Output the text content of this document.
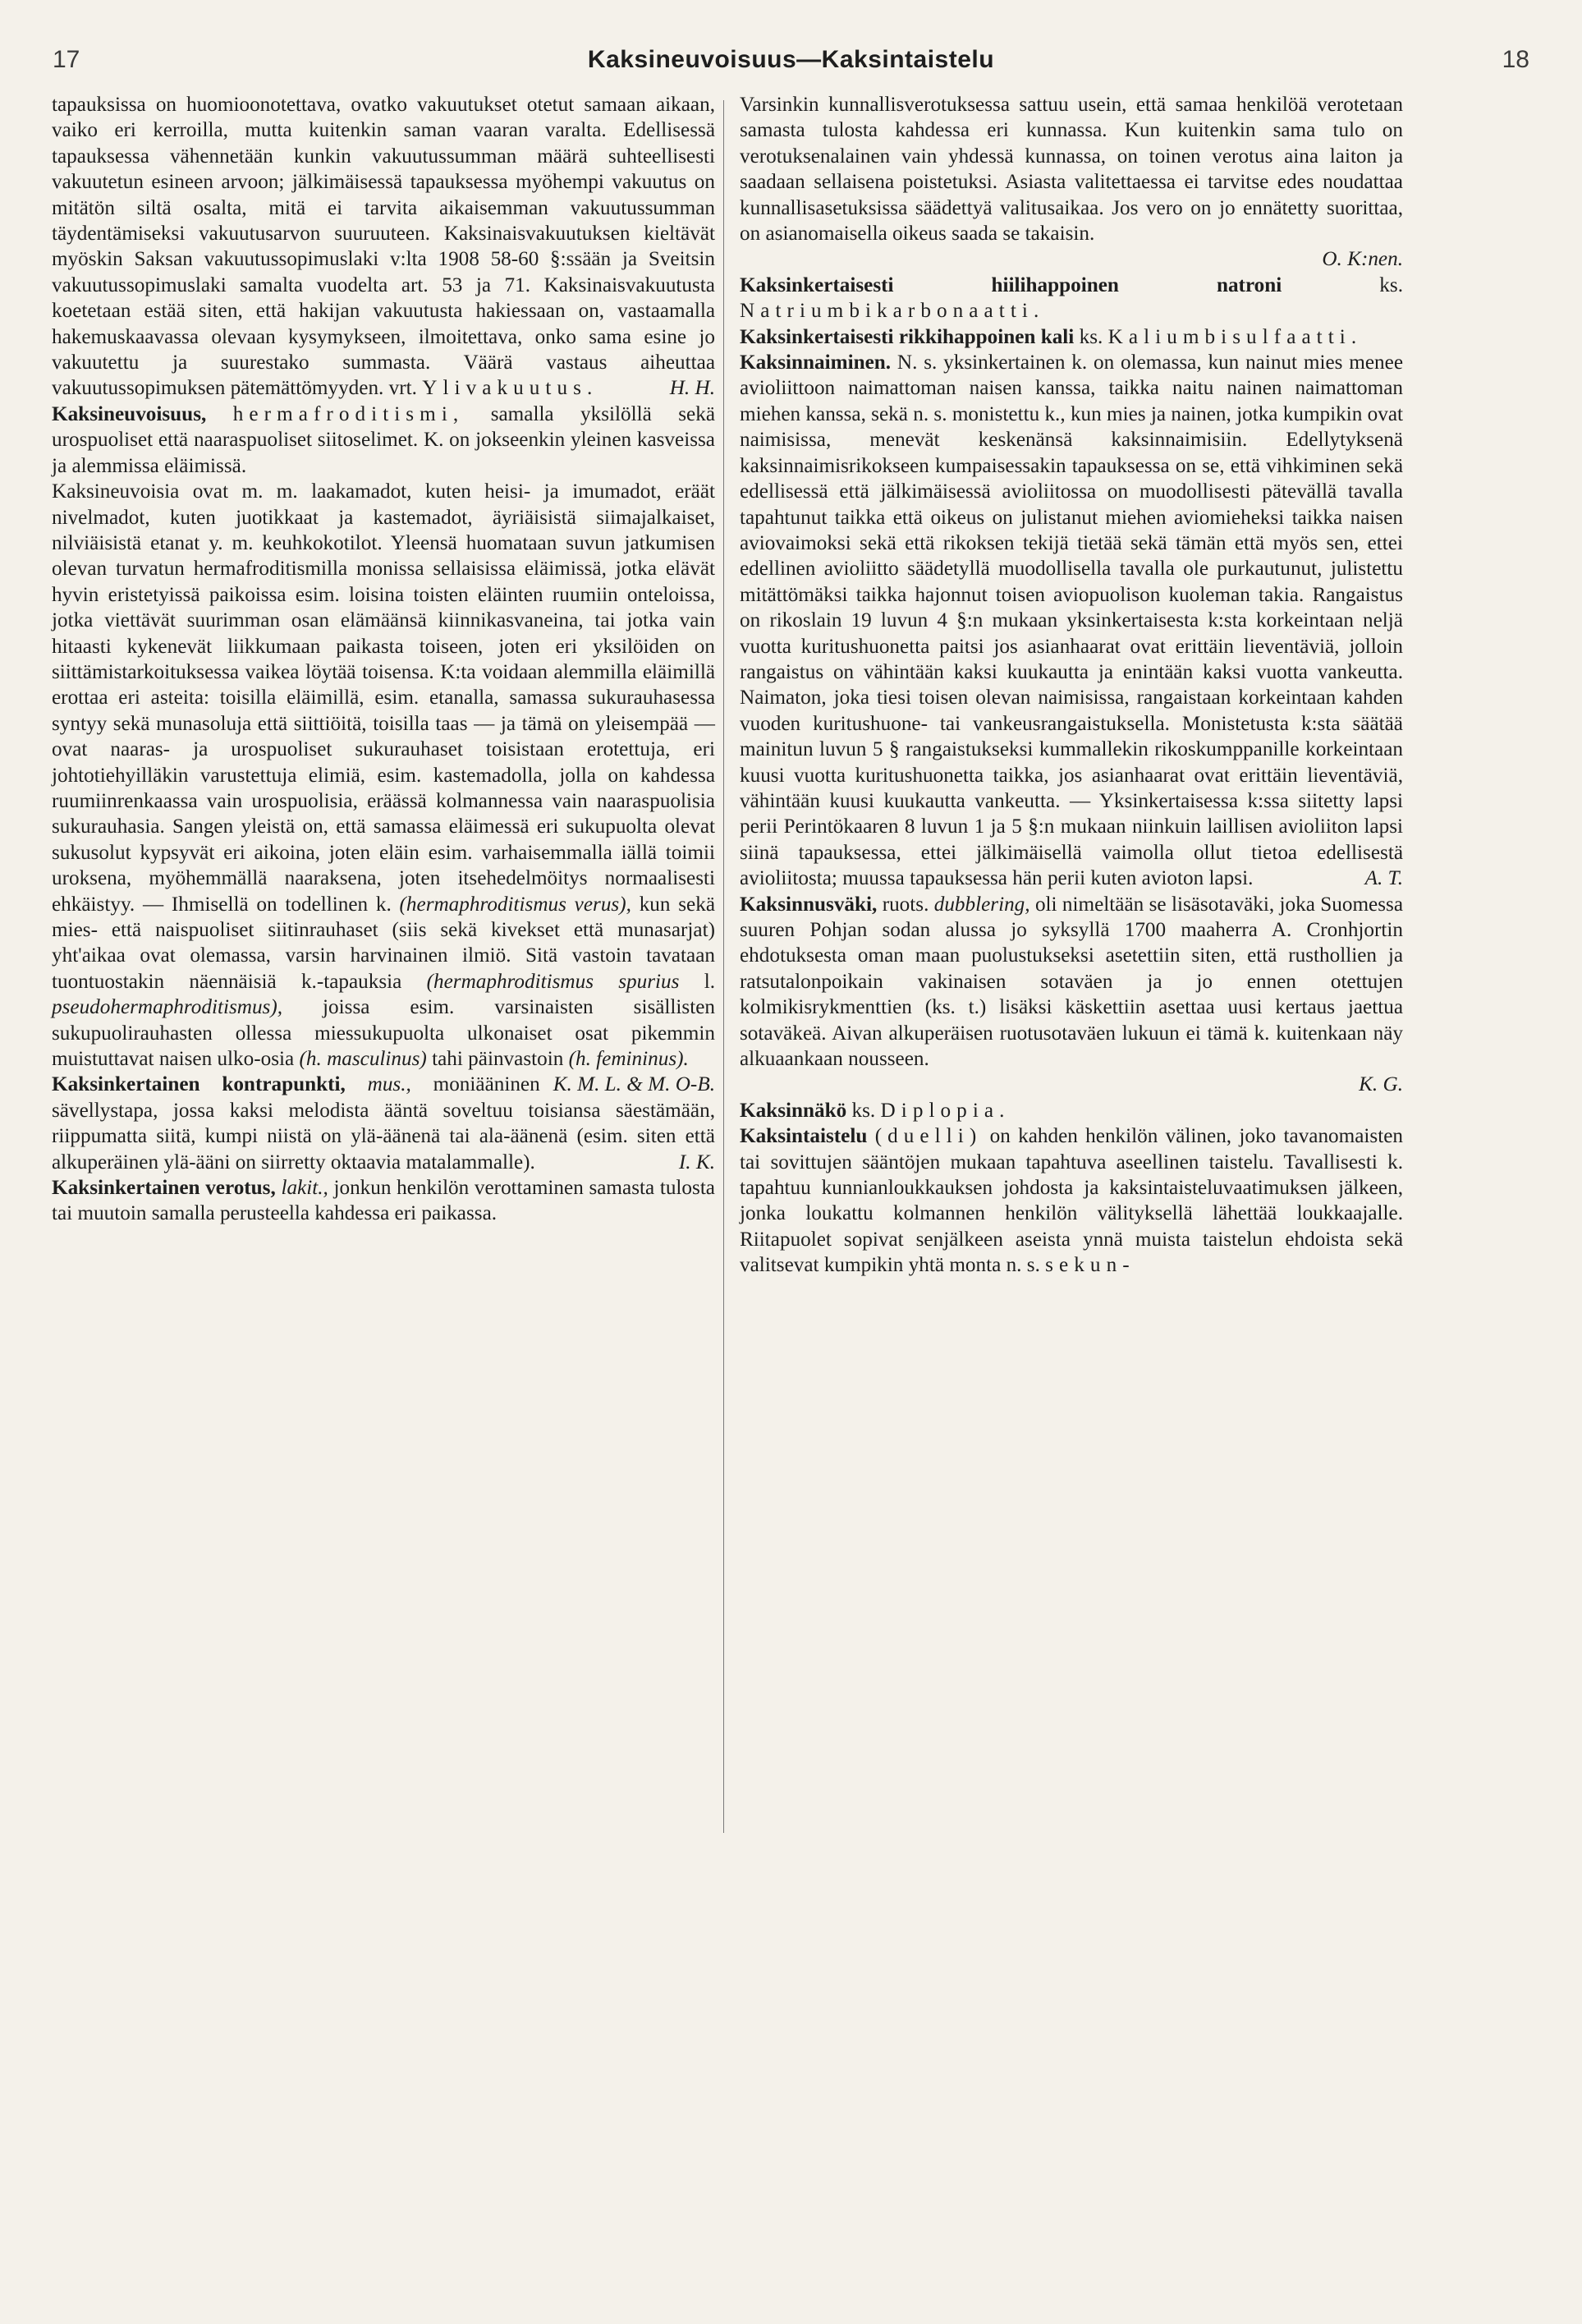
17	Kaksineuvoisuus—Kaksintaistelu	18

tapauksissa on huomioonotettava, ovatko vakuutukset otetut samaan aikaan, vaiko eri kerroilla, mutta kuitenkin saman vaaran varalta. Edellisessä tapauksessa vähennetään kunkin vakuutussumman määrä suhteellisesti vakuutetun esineen arvoon; jälkimäisessä tapauksessa myöhempi vakuutus on mitätön siltä osalta, mitä ei tarvita aikaisemman vakuutussumman täydentämiseksi vakuutusarvon suuruuteen. Kaksinaisvakuutuksen kieltävät myöskin Saksan vakuutussopimuslaki v:lta 1908 58-60 §:ssään ja Sveitsin vakuutussopimuslaki samalta vuodelta art. 53 ja 71. Kaksinaisvakuutusta koetetaan estää siten, että hakijan vakuutusta hakiessaan on, vastaamalla hakemuskaavassa olevaan kysymykseen, ilmoitettava, onko sama esine jo vakuutettu ja suurestako summasta. Väärä vastaus aiheuttaa vakuutussopimuksen pätemättömyyden. vrt. Ylivakuutus.	H. H.

Kaksineuvoisuus, hermafroditismi, samalla yksilöllä sekä urospuoliset että naaraspuoliset siitoselimet. K. on jokseenkin yleinen kasveissa ja alemmissa eläimissä.

Kaksineuvoisia ovat m. m. laakamadot, kuten heisi- ja imumadot, eräät nivelmadot, kuten juotikkaat ja kastemadot, äyriäisistä siimajalkaiset, nilviäisistä etanat y. m. keuhkokotilot. Yleensä huomataan suvun jatkumisen olevan turvatun hermafroditismilla monissa sellaisissa eläimissä, jotka elävät hyvin eristetyissä paikoissa esim. loisina toisten eläinten ruumiin onteloissa, jotka viettävät suurimman osan elämäänsä kiinnikasvaneina, tai jotka vain hitaasti kykenevät liikkumaan paikasta toiseen, joten eri yksilöiden on siittämistarkoituksessa vaikea löytää toisensa. K:ta voidaan alemmilla eläimillä erottaa eri asteita: toisilla eläimillä, esim. etanalla, samassa sukurauhasessa syntyy sekä munasoluja että siittiöitä, toisilla taas — ja tämä on yleisempää — ovat naaras- ja urospuoliset sukurauhaset toisistaan erotettuja, eri johtotiehyilläkin varustettuja elimiä, esim. kastemadolla, jolla on kahdessa ruumiinrenkaassa vain urospuolisia, eräässä kolmannessa vain naaraspuolisia sukurauhasia. Sangen yleistä on, että samassa eläimessä eri sukupuolta olevat sukusolut kypsyvät eri aikoina, joten eläin esim. varhaisemmalla iällä toimii uroksena, myöhemmällä naaraksena, joten itsehedelmöitys normaalisesti ehkäistyy. — Ihmisellä on todellinen k. (hermaphroditismus verus), kun sekä mies- että naispuoliset siitinrauhaset (siis sekä kivekset että munasarjat) yht'aikaa ovat olemassa, varsin harvinainen ilmiö. Sitä vastoin tavataan tuontuostakin näennäisiä k.-tapauksia (hermaphroditismus spurius l. pseudohermaphroditismus), joissa esim. varsinaisten sisällisten sukupuolirauhasten ollessa miessukupuolta ulkonaiset osat pikemmin muistuttavat naisen ulko-osia (h. masculinus) tahi päinvastoin (h. femininus).
K. M. L. & M. O-B.

Kaksinkertainen kontrapunkti, mus., moniääninen sävellystapa, jossa kaksi melodista ääntä soveltuu toisiansa säestämään, riippumatta siitä, kumpi niistä on ylä-äänenä tai ala-äänenä (esim. siten että alkuperäinen ylä-ääni on siirretty oktaavia matalammalle).	I. K.

Kaksinkertainen verotus, lakit., jonkun henkilön verottaminen samasta tulosta tai muutoin samalla perusteella kahdessa eri paikassa.

Varsinkin kunnallisverotuksessa sattuu usein, että samaa henkilöä verotetaan samasta tulosta kahdessa eri kunnassa. Kun kuitenkin sama tulo on verotuksenalainen vain yhdessä kunnassa, on toinen verotus aina laiton ja saadaan sellaisena poistetuksi. Asiasta valitettaessa ei tarvitse edes noudattaa kunnallisasetuksissa säädettyä valitusaikaa. Jos vero on jo ennätetty suorittaa, on asianomaisella oikeus saada se takaisin.

O. K:nen.

Kaksinkertaisesti hiilihappoinen natroni	ks. Natriumbikarbonaatti.

Kaksinkertaisesti rikkihappoinen kali ks. Kaliumbisulfaatti.

Kaksinnaiminen. N. s. yksinkertainen k. on olemassa, kun nainut mies menee avioliittoon naimattoman naisen kanssa, taikka naitu nainen naimattoman miehen kanssa, sekä n. s. monistettu k., kun mies ja nainen, jotka kumpikin ovat naimisissa, menevät keskenänsä kaksinnaimisiin. Edellytyksenä kaksinnaimisrikokseen kumpaisessakin tapauksessa on se, että vihkiminen sekä edellisessä että jälkimäisessä avioliitossa on muodollisesti pätevällä tavalla tapahtunut taikka että oikeus on julistanut miehen aviomieheksi taikka naisen aviovaimoksi sekä että rikoksen tekijä tietää sekä tämän että myös sen, ettei edellinen avioliitto säädetyllä muodollisella tavalla ole purkautunut, julistettu mitättömäksi taikka hajonnut toisen aviopuolison kuoleman takia. Rangaistus on rikoslain 19 luvun 4 §:n mukaan yksinkertaisesta k:sta korkeintaan neljä vuotta kuritushuonetta paitsi jos asianhaarat ovat erittäin lieventäviä, jolloin rangaistus on vähintään kaksi kuukautta ja enintään kaksi vuotta vankeutta. Naimaton, joka tiesi toisen olevan naimisissa, rangaistaan korkeintaan kahden vuoden kuritushuone- tai vankeusrangaistuksella. Monistetusta k:sta säätää mainitun luvun 5 § rangaistukseksi kummallekin rikoskumppanille korkeintaan kuusi vuotta kuritushuonetta taikka, jos asianhaarat ovat erittäin lieventäviä, vähintään kuusi kuukautta vankeutta. — Yksinkertaisessa k:ssa siitetty lapsi perii Perintökaaren 8 luvun 1 ja 5 §:n mukaan niinkuin laillisen avioliiton lapsi siinä tapauksessa, ettei jälkimäisellä vaimolla ollut tietoa edellisestä avioliitosta; muussa tapauksessa hän perii kuten avioton lapsi.	A. T.

Kaksinnusväki, ruots. dubblering, oli nimeltään se lisäsotaväki, joka Suomessa suuren Pohjan sodan alussa jo syksyllä 1700 maaherra A. Cronhjortin ehdotuksesta oman maan puolustukseksi asetettiin siten, että rusthollien ja ratsutalonpoikain vakinaisen sotaväen ja jo ennen otettujen kolmikisrykmenttien (ks. t.) lisäksi käskettiin asettaa uusi kertaus jaettua sotaväkeä. Aivan alkuperäisen ruotusotaväen lukuun ei tämä k. kuitenkaan näy alkuaankaan nousseen.

K. G.

Kaksinnäkö ks. Diplopia.

Kaksintaistelu (duelli) on kahden henkilön välinen, joko tavanomaisten tai sovittujen sääntöjen mukaan tapahtuva aseellinen taistelu. Tavallisesti k. tapahtuu kunnianloukkauksen johdosta ja kaksintaisteluvaatimuksen jälkeen, jonka loukattu kolmannen henkilön välityksellä lähettää loukkaajalle. Riitapuolet sopivat senjälkeen aseista ynnä muista taistelun ehdoista sekä valitsevat kumpikin yhtä monta n. s. sekun-
